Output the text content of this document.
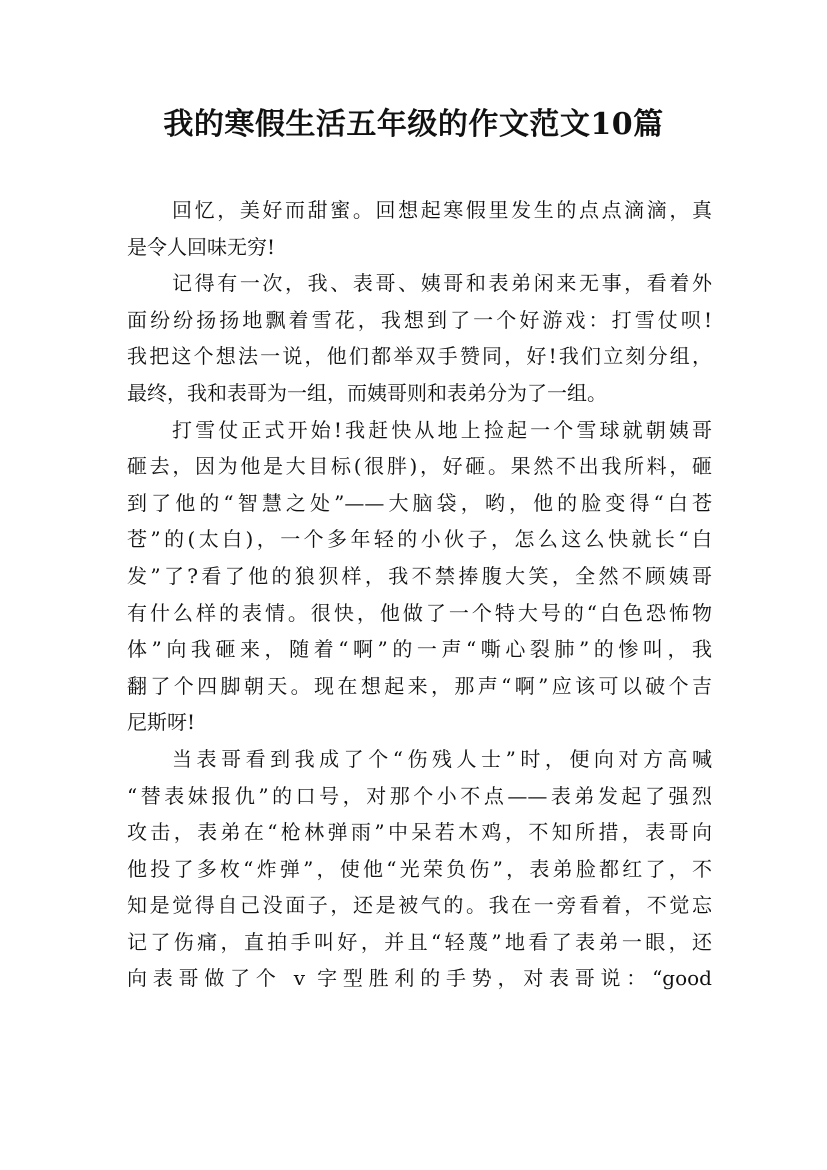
我的寒假生活五年级的作文范文10篇
回忆，美好而甜蜜。回想起寒假里发生的点点滴滴，真
是令人回味无穷!
记得有一次，我、表哥、姨哥和表弟闲来无事，看着外
面纷纷扬扬地飘着雪花，我想到了一个好游戏：打雪仗呗!
我把这个想法一说，他们都举双手赞同，好!我们立刻分组，
最终，我和表哥为一组，而姨哥则和表弟分为了一组。
打雪仗正式开始!我赶快从地上捡起一个雪球就朝姨哥
砸去，因为他是大目标(很胖)，好砸。果然不出我所料，砸
到了他的“智慧之处”——大脑袋，哟，他的脸变得“白苍
苍”的(太白)，一个多年轻的小伙子，怎么这么快就长“白
发”了?看了他的狼狈样，我不禁捧腹大笑，全然不顾姨哥
有什么样的表情。很快，他做了一个特大号的“白色恐怖物
体”向我砸来，随着“啊”的一声“嘶心裂肺”的惨叫，我
翻了个四脚朝天。现在想起来，那声“啊”应该可以破个吉
尼斯呀!
当表哥看到我成了个“伤残人士”时，便向对方高喊
“替表妹报仇”的口号，对那个小不点——表弟发起了强烈
攻击，表弟在“枪林弹雨”中呆若木鸡，不知所措，表哥向
他投了多枚“炸弹”，使他“光荣负伤”，表弟脸都红了，不
知是觉得自己没面子，还是被气的。我在一旁看着，不觉忘
记了伤痛，直拍手叫好，并且“轻蔑”地看了表弟一眼，还
向表哥做了个 v 字型胜利的手势，对表哥说：“good
